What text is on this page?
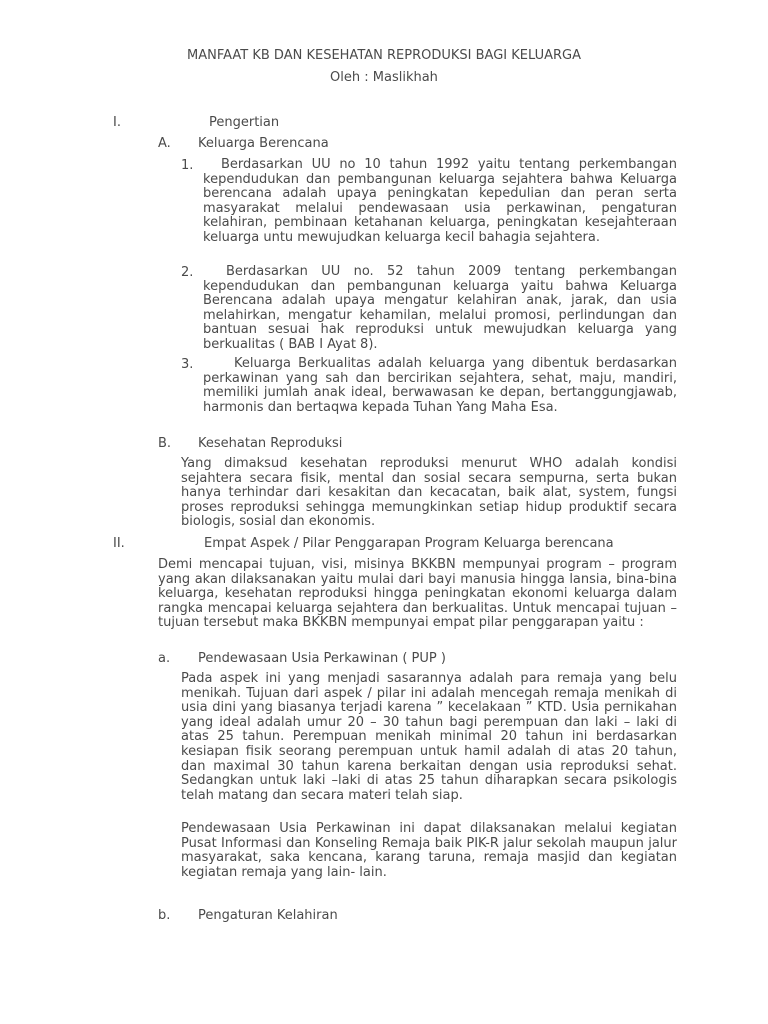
MANFAAT KB DAN KESEHATAN REPRODUKSI BAGI KELUARGA
Oleh : Maslikhah
I.	Pengertian
A. Keluarga Berencana
1.	Berdasarkan UU no 10 tahun 1992 yaitu tentang perkembangan kependudukan dan pembangunan keluarga sejahtera bahwa Keluarga berencana adalah upaya peningkatan kepedulian dan peran serta masyarakat melalui pendewasaan usia perkawinan, pengaturan kelahiran, pembinaan ketahanan keluarga, peningkatan kesejahteraan keluarga untu mewujudkan keluarga kecil bahagia sejahtera.
2.	Berdasarkan UU no. 52 tahun 2009 tentang perkembangan kependudukan dan pembangunan keluarga yaitu bahwa Keluarga Berencana adalah upaya mengatur kelahiran anak, jarak, dan usia melahirkan, mengatur kehamilan, melalui promosi, perlindungan dan bantuan sesuai hak reproduksi untuk mewujudkan keluarga yang berkualitas ( BAB I Ayat 8).
3.	Keluarga Berkualitas adalah keluarga yang dibentuk berdasarkan perkawinan yang sah dan bercirikan sejahtera, sehat, maju, mandiri, memiliki jumlah anak ideal, berwawasan ke depan, bertanggungjawab, harmonis dan bertaqwa kepada Tuhan Yang Maha Esa.
B. Kesehatan Reproduksi
Yang dimaksud kesehatan reproduksi menurut WHO adalah kondisi sejahtera secara fisik, mental dan sosial secara sempurna, serta bukan hanya terhindar dari kesakitan dan kecacatan, baik alat, system, fungsi proses reproduksi sehingga memungkinkan setiap hidup produktif secara biologis, sosial dan ekonomis.
II.	Empat Aspek / Pilar Penggarapan Program Keluarga berencana
Demi mencapai tujuan, visi, misinya BKKBN mempunyai program – program yang akan dilaksanakan yaitu mulai dari bayi manusia hingga lansia, bina-bina keluarga, kesehatan reproduksi hingga peningkatan ekonomi keluarga dalam rangka mencapai keluarga sejahtera dan berkualitas. Untuk mencapai tujuan – tujuan tersebut maka BKKBN mempunyai empat pilar penggarapan yaitu :
a. Pendewasaan Usia Perkawinan ( PUP )
Pada aspek ini yang menjadi sasarannya adalah para remaja yang belu menikah. Tujuan dari aspek / pilar ini adalah mencegah remaja menikah di usia dini yang biasanya terjadi karena ” kecelakaan ” KTD. Usia pernikahan yang ideal adalah umur 20 – 30 tahun bagi perempuan dan laki – laki di atas 25 tahun. Perempuan menikah minimal 20 tahun ini berdasarkan kesiapan fisik seorang perempuan untuk hamil adalah di atas 20 tahun, dan maximal 30 tahun karena berkaitan dengan usia reproduksi sehat. Sedangkan untuk laki –laki di atas 25 tahun diharapkan secara psikologis telah matang dan secara materi telah siap.
Pendewasaan Usia Perkawinan ini dapat dilaksanakan melalui kegiatan Pusat Informasi dan Konseling Remaja baik PIK-R jalur sekolah maupun jalur masyarakat, saka kencana, karang taruna, remaja masjid dan kegiatan kegiatan remaja yang lain- lain.
b. Pengaturan Kelahiran
